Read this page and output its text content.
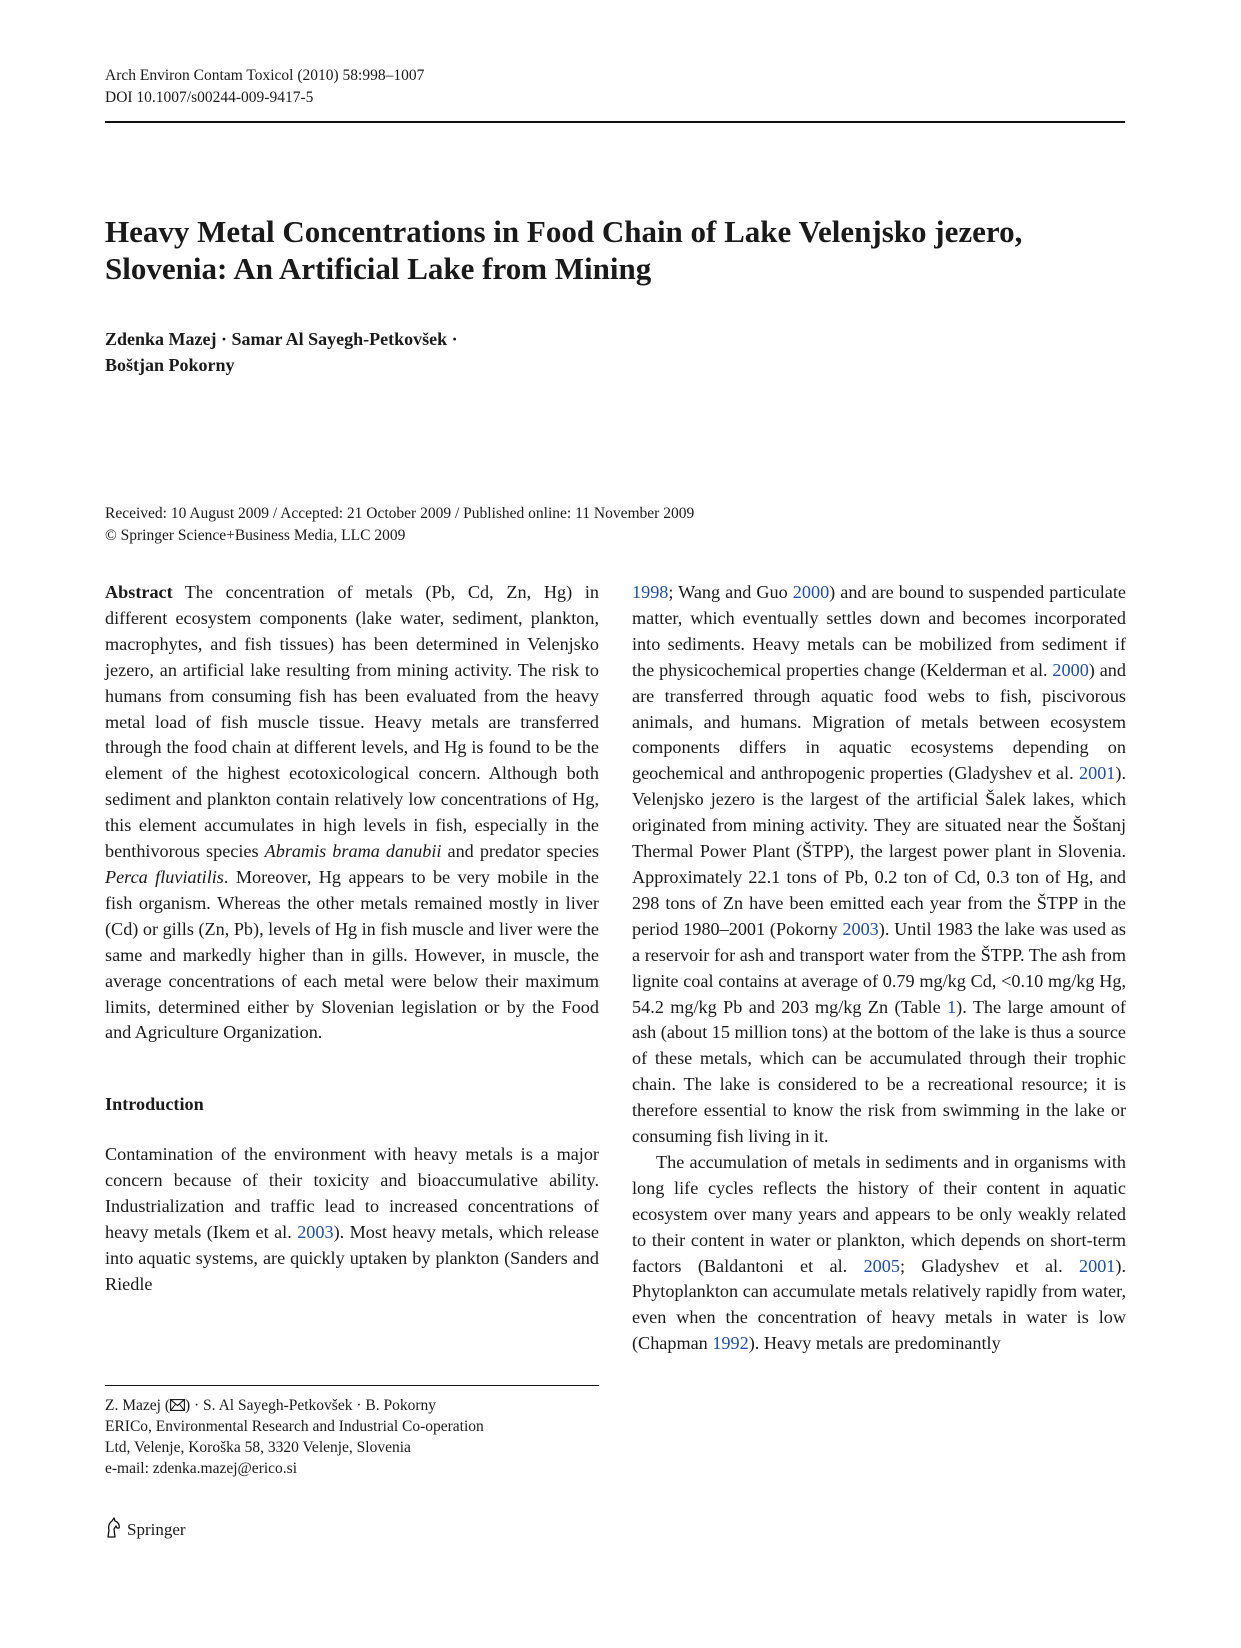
Arch Environ Contam Toxicol (2010) 58:998–1007
DOI 10.1007/s00244-009-9417-5
Heavy Metal Concentrations in Food Chain of Lake Velenjsko jezero, Slovenia: An Artificial Lake from Mining
Zdenka Mazej · Samar Al Sayegh-Petkovšek ·
Boštjan Pokorny
Received: 10 August 2009 / Accepted: 21 October 2009 / Published online: 11 November 2009
© Springer Science+Business Media, LLC 2009

Abstract The concentration of metals (Pb, Cd, Zn, Hg) in different ecosystem components (lake water, sediment, plankton, macrophytes, and fish tissues) has been determined in Velenjsko jezero, an artificial lake resulting from mining activity. The risk to humans from consuming fish has been evaluated from the heavy metal load of fish muscle tissue. Heavy metals are transferred through the food chain at different levels, and Hg is found to be the element of the highest ecotoxicological concern. Although both sediment and plankton contain relatively low concentrations of Hg, this element accumulates in high levels in fish, especially in the benthivorous species Abramis brama danubii and predator species Perca fluviatilis. Moreover, Hg appears to be very mobile in the fish organism. Whereas the other metals remained mostly in liver (Cd) or gills (Zn, Pb), levels of Hg in fish muscle and liver were the same and markedly higher than in gills. However, in muscle, the average concentrations of each metal were below their maximum limits, determined either by Slovenian legislation or by the Food and Agriculture Organization.

Introduction

Contamination of the environment with heavy metals is a major concern because of their toxicity and bioaccumulative ability. Industrialization and traffic lead to increased concentrations of heavy metals (Ikem et al. 2003). Most heavy metals, which release into aquatic systems, are quickly uptaken by plankton (Sanders and Riedle

1998; Wang and Guo 2000) and are bound to suspended particulate matter, which eventually settles down and becomes incorporated into sediments. Heavy metals can be mobilized from sediment if the physicochemical properties change (Kelderman et al. 2000) and are transferred through aquatic food webs to fish, piscivorous animals, and humans. Migration of metals between ecosystem components differs in aquatic ecosystems depending on geochemical and anthropogenic properties (Gladyshev et al. 2001). Velenjsko jezero is the largest of the artificial Šalek lakes, which originated from mining activity. They are situated near the Šoštanj Thermal Power Plant (ŠTPP), the largest power plant in Slovenia. Approximately 22.1 tons of Pb, 0.2 ton of Cd, 0.3 ton of Hg, and 298 tons of Zn have been emitted each year from the ŠTPP in the period 1980–2001 (Pokorny 2003). Until 1983 the lake was used as a reservoir for ash and transport water from the ŠTPP. The ash from lignite coal contains at average of 0.79 mg/kg Cd, <0.10 mg/kg Hg, 54.2 mg/kg Pb and 203 mg/kg Zn (Table 1). The large amount of ash (about 15 million tons) at the bottom of the lake is thus a source of these metals, which can be accumulated through their trophic chain. The lake is considered to be a recreational resource; it is therefore essential to know the risk from swimming in the lake or consuming fish living in it.

The accumulation of metals in sediments and in organisms with long life cycles reflects the history of their content in aquatic ecosystem over many years and appears to be only weakly related to their content in water or plankton, which depends on short-term factors (Baldantoni et al. 2005; Gladyshev et al. 2001). Phytoplankton can accumulate metals relatively rapidly from water, even when the concentration of heavy metals in water is low (Chapman 1992). Heavy metals are predominantly

Z. Mazej ( ) · S. Al Sayegh-Petkovšek · B. Pokorny
ERICo, Environmental Research and Industrial Co-operation
Ltd, Velenje, Koroška 58, 3320 Velenje, Slovenia
e-mail: zdenka.mazej@erico.si
Springer
